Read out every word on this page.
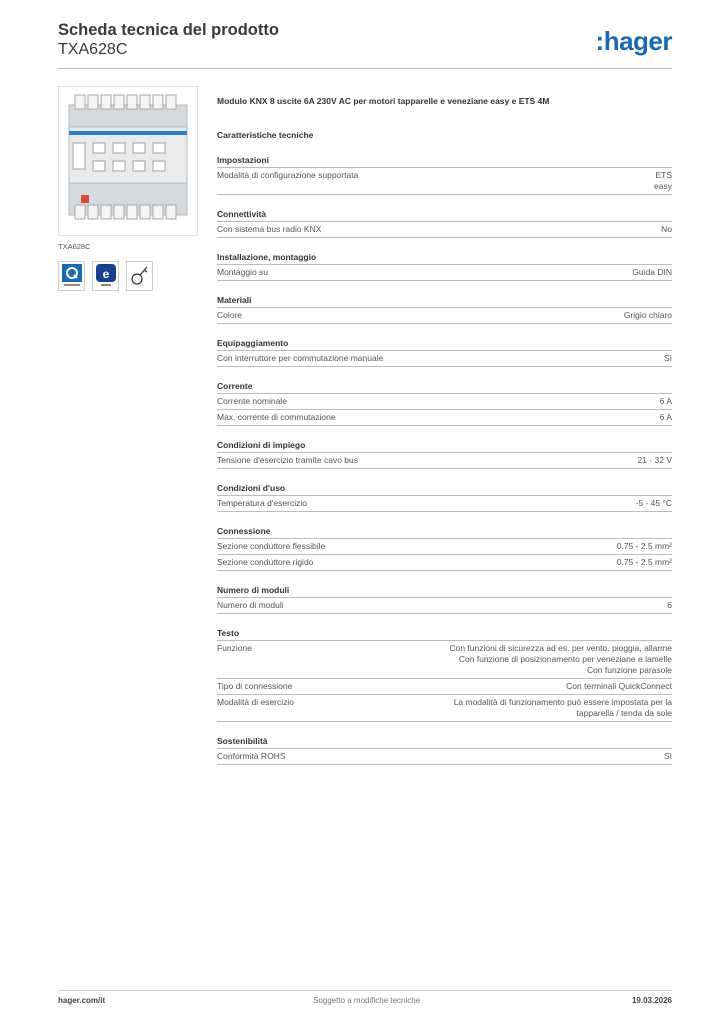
Scheda tecnica del prodotto
TXA628C	:hager
TXA628C
e
Modulo KNX 8 uscite 6A 230V AC per motori tapparelle e veneziane easy e ETS 4M
Caratteristiche tecniche
Impostazioni
Modalità di configurazione supportata	ETS
easy
Connettività
Con sistema bus radio KNX	No
Installazione, montaggio
Montaggio su	Guida DIN
Materiali
Colore	Grigio chiaro
Equipaggiamento
Con interruttore per commutazione manuale	Sì
Corrente
Corrente nominale	6 A
Max. corrente di commutazione	6 A
Condizioni di impiego
Tensione d'esercizio tramite cavo bus	21 - 32 V
Condizioni d'uso
Temperatura d'esercizio	-5 - 45 °C
Connessione
Sezione conduttore flessibile	0.75 - 2.5 mm²
Sezione conduttore rigido	0.75 - 2.5 mm²
Numero di moduli
Numero di moduli	6
Testo
Funzione	Con funzioni di sicurezza ad es. per vento, pioggia, allarme
Con funzione di posizionamento per veneziane e lamelle
Con funzione parasole
Tipo di connessione	Con terminali QuickConnect
Modalità di esercizio	La modalità di funzionamento può essere impostata per la
tapparella / tenda da sole
Sostenibilità
Conformità ROHS	Sì
hager.com/it	Soggetto a modifiche tecniche	19.03.2026
